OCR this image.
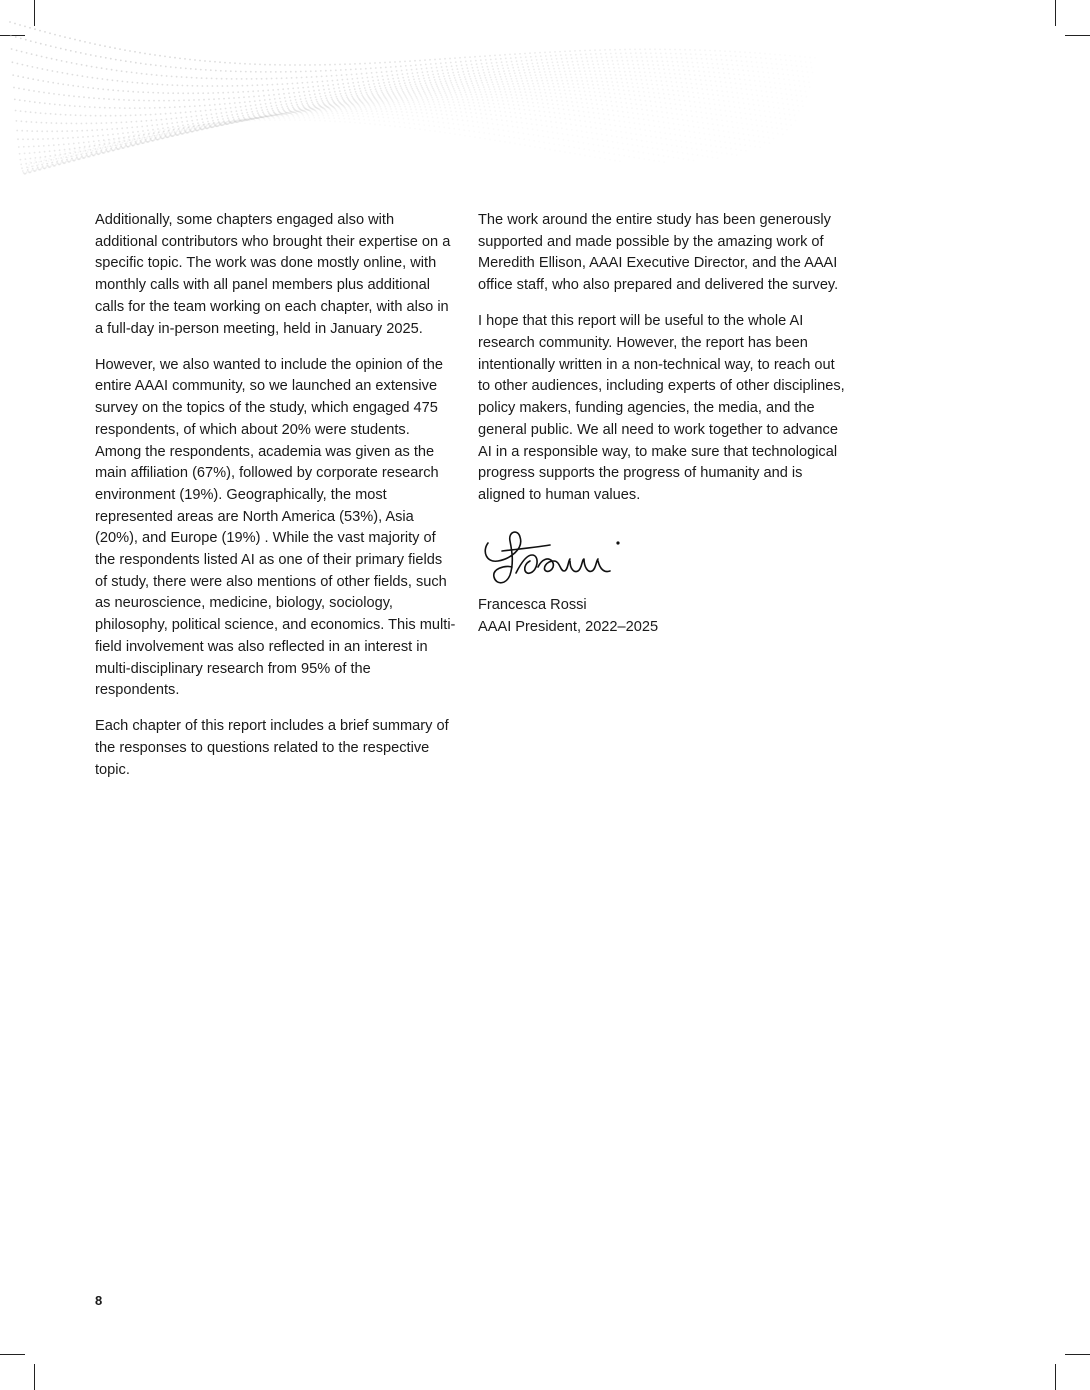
Additionally, some chapters engaged also with additional contributors who brought their expertise on a specific topic. The work was done mostly online, with monthly calls with all panel members plus additional calls for the team working on each chapter, with also in a full-day in-person meeting, held in January 2025.

However, we also wanted to include the opinion of the entire AAAI community, so we launched an extensive survey on the topics of the study, which engaged 475 respondents, of which about 20% were students. Among the respondents, academia was given as the main affiliation (67%), followed by corporate research environment (19%). Geographically, the most represented areas are North America (53%), Asia (20%), and Europe (19%) . While the vast majority of the respondents listed AI as one of their primary fields of study, there were also mentions of other fields, such as neuroscience, medicine, biology, sociology, philosophy, political science, and economics. This multi-field involvement was also reflected in an interest in multi-disciplinary research from 95% of the respondents.

Each chapter of this report includes a brief summary of the responses to questions related to the respective topic.

The work around the entire study has been generously supported and made possible by the amazing work of Meredith Ellison, AAAI Executive Director, and the AAAI office staff, who also prepared and delivered the survey.

I hope that this report will be useful to the whole AI research community. However, the report has been intentionally written in a non-technical way, to reach out to other audiences, including experts of other disciplines, policy makers, funding agencies, the media, and the general public. We all need to work together to advance AI in a responsible way, to make sure that technological progress supports the progress of humanity and is aligned to human values.

Francesca Rossi
AAAI President, 2022–2025

8
